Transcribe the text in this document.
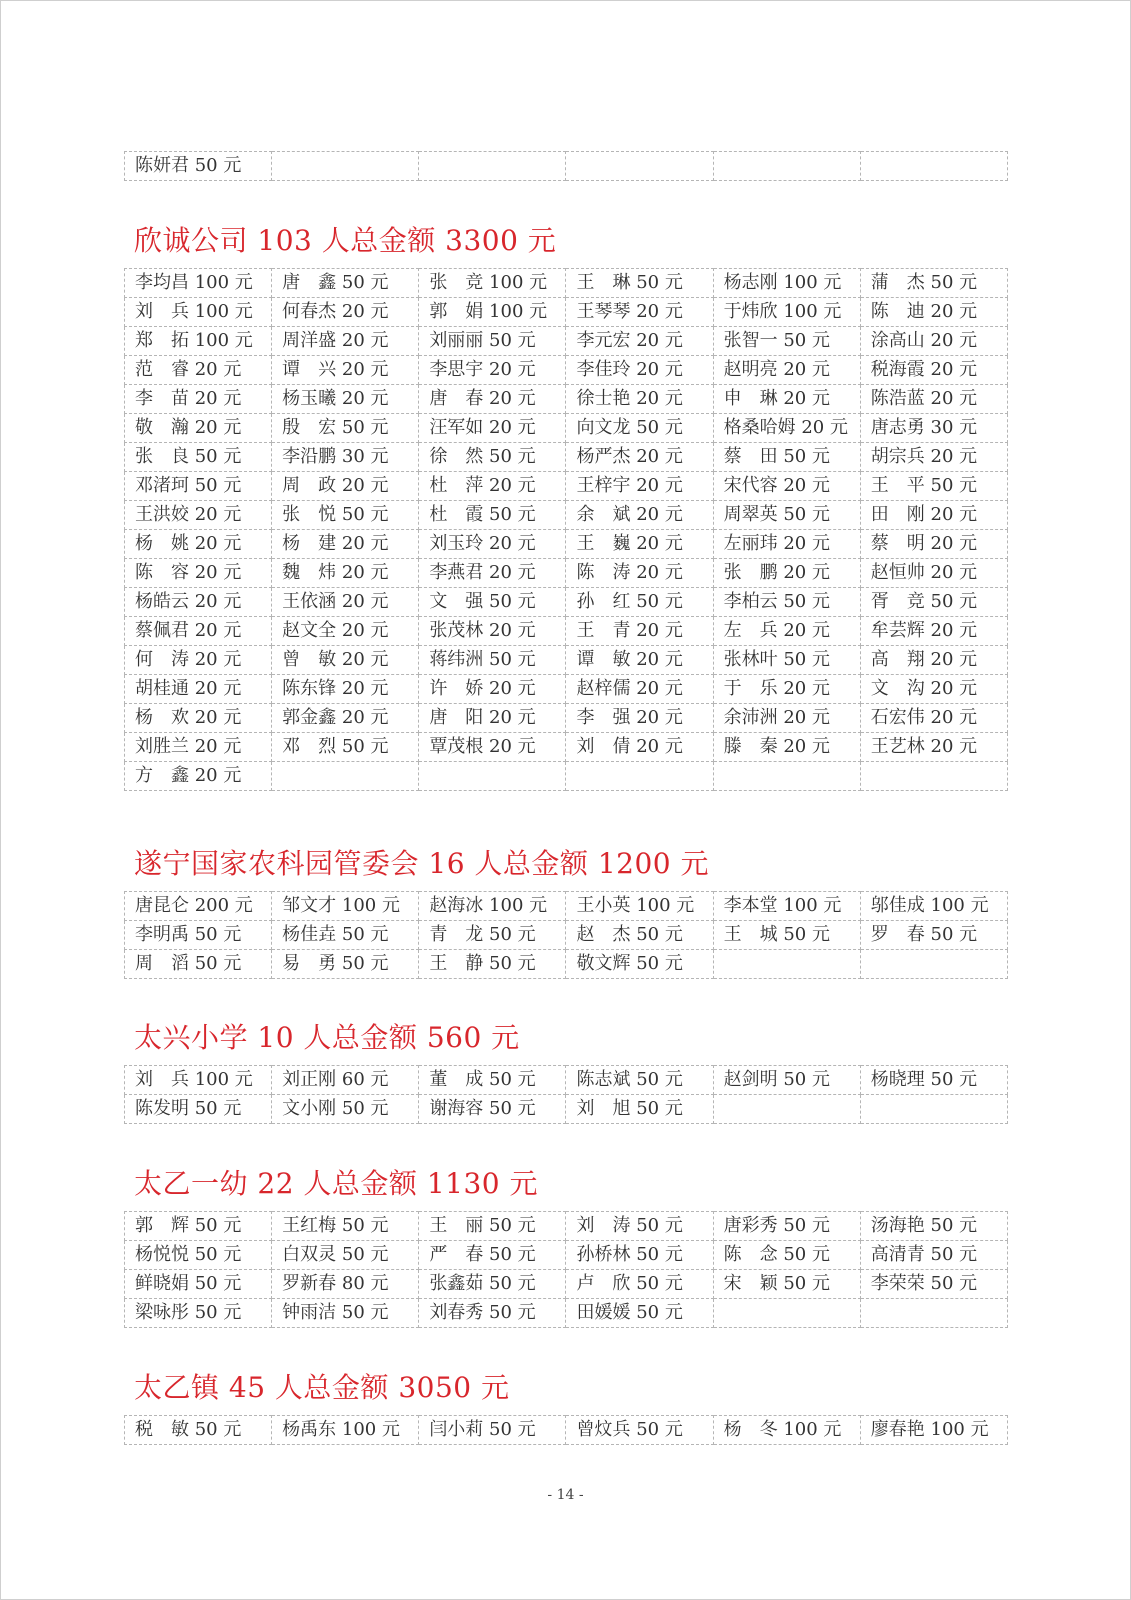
陈妍君 50 元					
欣诚公司 103 人总金额 3300 元
李均昌 100 元	唐　鑫 50 元	张　竞 100 元	王　琳 50 元	杨志刚 100 元	蒲　杰 50 元
刘　兵 100 元	何春杰 20 元	郭　娟 100 元	王琴琴 20 元	于炜欣 100 元	陈　迪 20 元
郑　拓 100 元	周洋盛 20 元	刘丽丽 50 元	李元宏 20 元	张智一 50 元	涂高山 20 元
范　睿 20 元	谭　兴 20 元	李思宇 20 元	李佳玲 20 元	赵明亮 20 元	税海霞 20 元
李　苗 20 元	杨玉曦 20 元	唐　春 20 元	徐士艳 20 元	申　琳 20 元	陈浩蓝 20 元
敬　瀚 20 元	殷　宏 50 元	汪军如 20 元	向文龙 50 元	格桑哈姆 20 元	唐志勇 30 元
张　良 50 元	李沿鹏 30 元	徐　然 50 元	杨严杰 20 元	蔡　田 50 元	胡宗兵 20 元
邓渚珂 50 元	周　政 20 元	杜　萍 20 元	王梓宇 20 元	宋代容 20 元	王　平 50 元
王洪姣 20 元	张　悦 50 元	杜　霞 50 元	余　斌 20 元	周翠英 50 元	田　刚 20 元
杨　姚 20 元	杨　建 20 元	刘玉玲 20 元	王　巍 20 元	左丽玮 20 元	蔡　明 20 元
陈　容 20 元	魏　炜 20 元	李燕君 20 元	陈　涛 20 元	张　鹏 20 元	赵恒帅 20 元
杨皓云 20 元	王依涵 20 元	文　强 50 元	孙　红 50 元	李柏云 50 元	胥　竞 50 元
蔡佩君 20 元	赵文全 20 元	张茂林 20 元	王　青 20 元	左　兵 20 元	牟芸辉 20 元
何　涛 20 元	曾　敏 20 元	蒋纬洲 50 元	谭　敏 20 元	张林叶 50 元	高　翔 20 元
胡桂通 20 元	陈东锋 20 元	许　娇 20 元	赵梓儒 20 元	于　乐 20 元	文　沟 20 元
杨　欢 20 元	郭金鑫 20 元	唐　阳 20 元	李　强 20 元	余沛洲 20 元	石宏伟 20 元
刘胜兰 20 元	邓　烈 50 元	覃茂根 20 元	刘　倩 20 元	滕　秦 20 元	王艺林 20 元
方　鑫 20 元					
遂宁国家农科园管委会 16 人总金额 1200 元
唐昆仑 200 元	邹文才 100 元	赵海冰 100 元	王小英 100 元	李本堂 100 元	邬佳成 100 元
李明禹 50 元	杨佳垚 50 元	青　龙 50 元	赵　杰 50 元	王　城 50 元	罗　春 50 元
周　滔 50 元	易　勇 50 元	王　静 50 元	敬文辉 50 元		
太兴小学 10 人总金额 560 元
刘　兵 100 元	刘正刚 60 元	董　成 50 元	陈志斌 50 元	赵剑明 50 元	杨晓理 50 元
陈发明 50 元	文小刚 50 元	谢海容 50 元	刘　旭 50 元		
太乙一幼 22 人总金额 1130 元
郭　辉 50 元	王红梅 50 元	王　丽 50 元	刘　涛 50 元	唐彩秀 50 元	汤海艳 50 元
杨悦悦 50 元	白双灵 50 元	严　春 50 元	孙桥林 50 元	陈　念 50 元	高清青 50 元
鲜晓娟 50 元	罗新春 80 元	张鑫茹 50 元	卢　欣 50 元	宋　颖 50 元	李荣荣 50 元
梁咏彤 50 元	钟雨洁 50 元	刘春秀 50 元	田媛媛 50 元		
太乙镇 45 人总金额 3050 元
税　敏 50 元	杨禹东 100 元	闫小莉 50 元	曾炆兵 50 元	杨　冬 100 元	廖春艳 100 元
- 14 -
